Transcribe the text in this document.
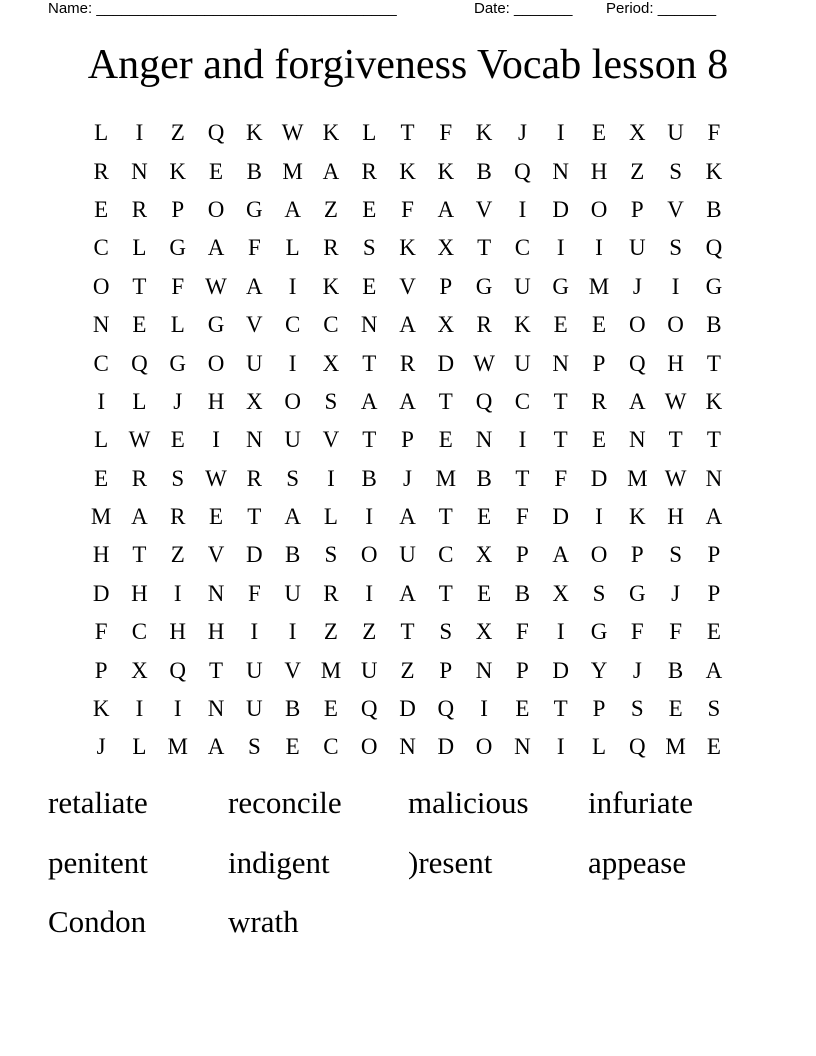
Name: ____________________________________	Date: _______ Period: _______
Anger and forgiveness Vocab lesson 8
L	I	Z Q K W K L	T	F	K	J	I	E X U	F
R N K E	B M A R K K B Q N H Z	S	K
E	R	P	O G A Z	E	F	A V	I	D O	P	V B
C	L G A	F	L	R	S	K X T	C	I	I	U	S	Q
O T	F W A	I	K E V	P	G U G M	J	I	G
N E	L G V C C N A X R K E	E O O B
C Q G O U	I	X T	R D W U N	P	Q H T
I	L	J	H X O	S	A A T Q C	T	R A W K
L W E	I	N U V T	P	E N	I	T	E N T	T
E	R	S W R	S	I	B	J	M B	T	F	D M W N
M A R	E	T A L	I	A T	E	F	D	I	K H A
H T	Z V D B	S	O U C X	P	A O	P	S	P
D H	I	N	F	U R	I	A T	E	B X	S	G	J	P
F	C H H	I	I	Z	Z	T	S	X	F	I	G	F	F	E
P	X Q T U V M U Z	P	N	P	D Y	J	B A
K	I	I	N U B	E Q D Q	I	E	T	P	S	E	S
J	L M A	S	E	C O N D O N	I	L Q M E
retaliate	reconcile	malicious	infuriate
penitent	indigent	)resent	appease
Condon	wrath
